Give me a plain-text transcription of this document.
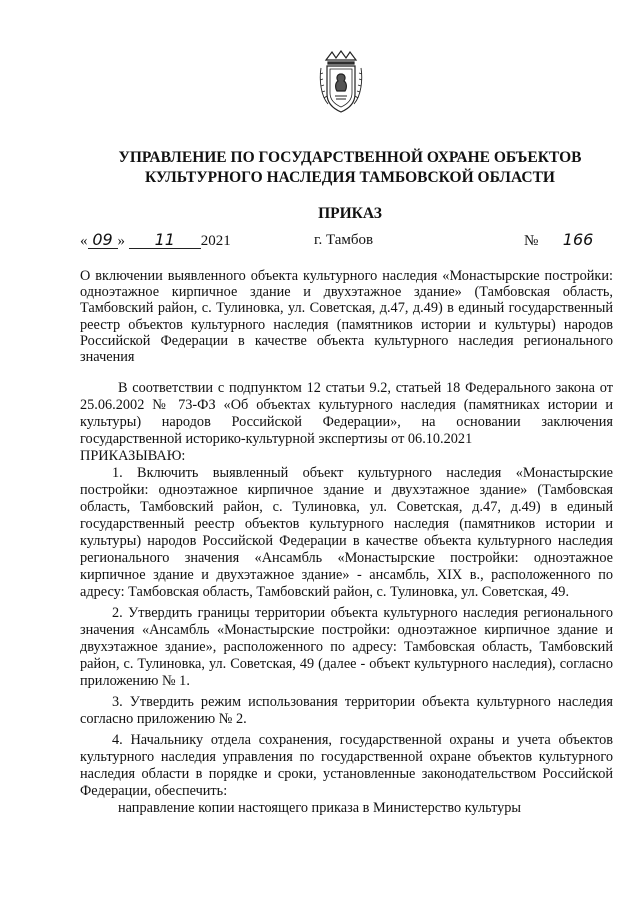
УПРАВЛЕНИЕ ПО ГОСУДАРСТВЕННОЙ ОХРАНЕ ОБЪЕКТОВ
КУЛЬТУРНОГО НАСЛЕДИЯ ТАМБОВСКОЙ ОБЛАСТИ
ПРИКАЗ
« 09 » 11 2021	г. Тамбов	№ 166
О включении выявленного объекта культурного наследия «Монастырские постройки: одноэтажное кирпичное здание и двухэтажное здание» (Тамбовская область, Тамбовский район, с. Тулиновка, ул. Советская, д.47, д.49) в единый государственный реестр объектов культурного наследия (памятников истории и культуры) народов Российской Федерации в качестве объекта культурного наследия регионального значения

В соответствии с подпунктом 12 статьи 9.2, статьей 18 Федерального закона от 25.06.2002 № 73-ФЗ «Об объектах культурного наследия (памятниках истории и культуры) народов Российской Федерации», на основании заключения государственной историко-культурной экспертизы от 06.10.2021

ПРИКАЗЫВАЮ:

1. Включить выявленный объект культурного наследия «Монастырские постройки: одноэтажное кирпичное здание и двухэтажное здание» (Тамбовская область, Тамбовский район, с. Тулиновка, ул. Советская, д.47, д.49) в единый государственный реестр объектов культурного наследия (памятников истории и культуры) народов Российской Федерации в качестве объекта культурного наследия регионального значения «Ансамбль «Монастырские постройки: одноэтажное кирпичное здание и двухэтажное здание» - ансамбль, XIX в., расположенного по адресу: Тамбовская область, Тамбовский район, с. Тулиновка, ул. Советская, 49.

2. Утвердить границы территории объекта культурного наследия регионального значения «Ансамбль «Монастырские постройки: одноэтажное кирпичное здание и двухэтажное здание», расположенного по адресу: Тамбовская область, Тамбовский район, с. Тулиновка, ул. Советская, 49 (далее - объект культурного наследия), согласно приложению № 1.

3. Утвердить режим использования территории объекта культурного наследия согласно приложению № 2.

4. Начальнику отдела сохранения, государственной охраны и учета объектов культурного наследия управления по государственной охране объектов культурного наследия области в порядке и сроки, установленные законодательством Российской Федерации, обеспечить:

направление копии настоящего приказа в Министерство культуры
